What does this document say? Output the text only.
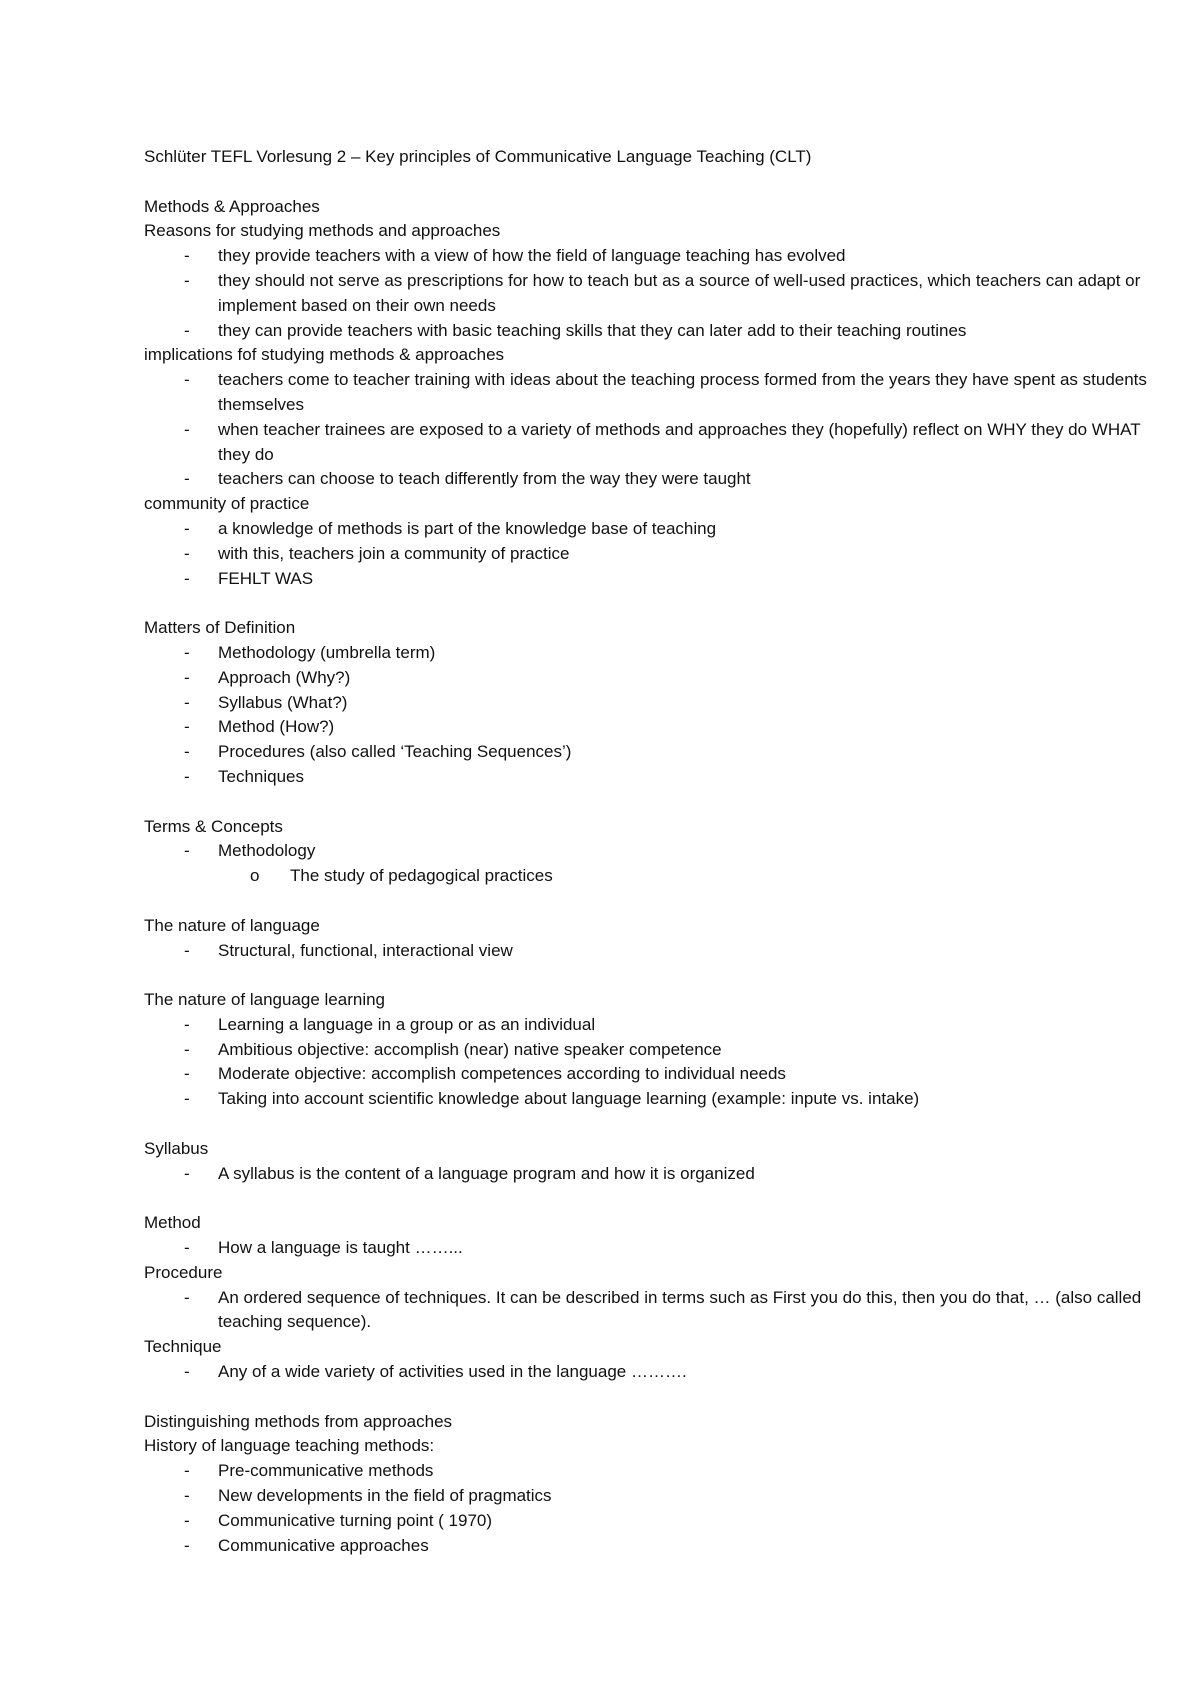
Schlüter TEFL Vorlesung 2 – Key principles of Communicative Language Teaching (CLT)
Methods & Approaches
Reasons for studying methods and approaches
- they provide teachers with a view of how the field of language teaching has evolved
- they should not serve as prescriptions for how to teach but as a source of well-used practices, which teachers can adapt or implement based on their own needs
- they can provide teachers with basic teaching skills that they can later add to their teaching routines
implications fof studying methods & approaches
- teachers come to teacher training with ideas about the teaching process formed from the years they have spent as students themselves
- when teacher trainees are exposed to a variety of methods and approaches they (hopefully) reflect on WHY they do WHAT they do
- teachers can choose to teach differently from the way they were taught
community of practice
- a knowledge of methods is part of the knowledge base of teaching
- with this, teachers join a community of practice
- FEHLT WAS
Matters of Definition
- Methodology (umbrella term)
- Approach (Why?)
- Syllabus (What?)
- Method (How?)
- Procedures (also called ‘Teaching Sequences’)
- Techniques
Terms & Concepts
- Methodology
o The study of pedagogical practices
The nature of language
- Structural, functional, interactional view
The nature of language learning
- Learning a language in a group or as an individual
- Ambitious objective: accomplish (near) native speaker competence
- Moderate objective: accomplish competences according to individual needs
- Taking into account scientific knowledge about language learning (example: inpute vs. intake)
Syllabus
- A syllabus is the content of a language program and how it is organized
Method
- How a language is taught ……...
Procedure
- An ordered sequence of techniques. It can be described in terms such as First you do this, then you do that, … (also called teaching sequence).
Technique
- Any of a wide variety of activities used in the language ……….
Distinguishing methods from approaches
History of language teaching methods:
- Pre-communicative methods
- New developments in the field of pragmatics
- Communicative turning point ( 1970)
- Communicative approaches
